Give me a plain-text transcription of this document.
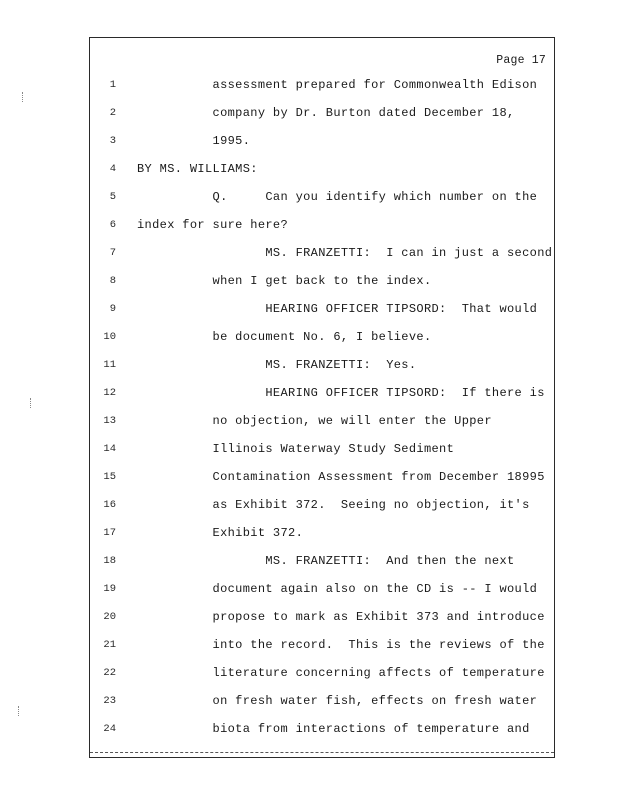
Page 17
1 assessment prepared for Commonwealth Edison
2 company by Dr. Burton dated December 18,
3 1995.
4 BY MS. WILLIAMS:
5 Q.     Can you identify which number on the
6 index for sure here?
7 MS. FRANZETTI:  I can in just a second
8 when I get back to the index.
9 HEARING OFFICER TIPSORD:  That would
10 be document No. 6, I believe.
11 MS. FRANZETTI:  Yes.
12 HEARING OFFICER TIPSORD:  If there is
13 no objection, we will enter the Upper
14 Illinois Waterway Study Sediment
15 Contamination Assessment from December 18995
16 as Exhibit 372.  Seeing no objection, it's
17 Exhibit 372.
18 MS. FRANZETTI:  And then the next
19 document again also on the CD is -- I would
20 propose to mark as Exhibit 373 and introduce
21 into the record.  This is the reviews of the
22 literature concerning affects of temperature
23 on fresh water fish, effects on fresh water
24 biota from interactions of temperature and
